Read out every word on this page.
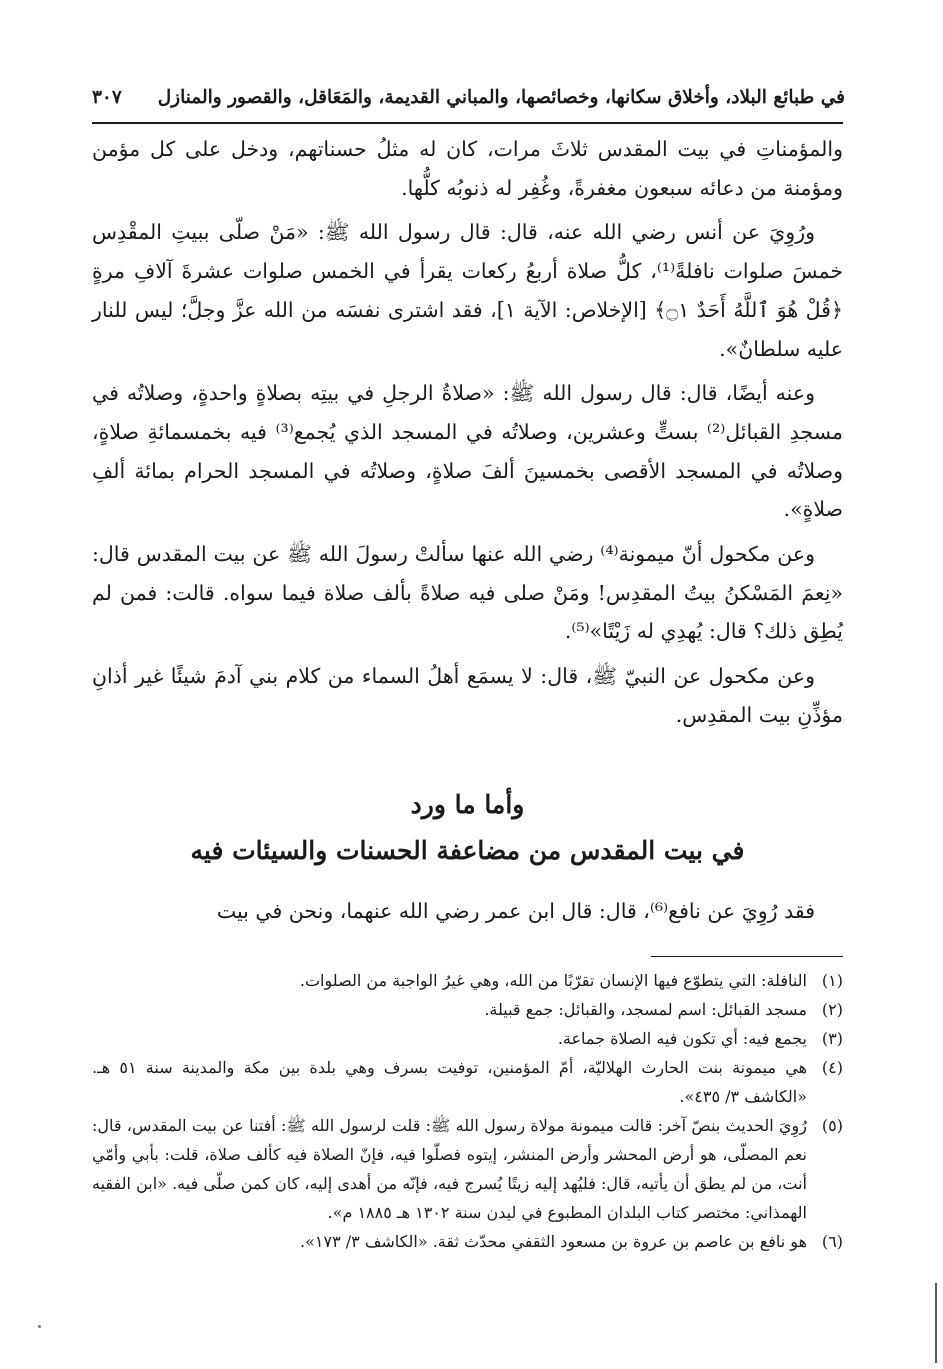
في طبائع البلاد، وأخلاق سكانها، وخصائصها، والمباني القديمة، والمَعَاقل، والقصور والمنازل
٣٠٧

والمؤمناتِ في بيت المقدس ثلاثَ مرات، كان له مثلُ حسناتهم، ودخل على كل مؤمن ومؤمنة من دعائه سبعون مغفرةً، وغُفِر له ذنوبُه كلُّها.

ورُوِيَ عن أنس رضي الله عنه، قال: قال رسول الله ﷺ: «مَنْ صلّى ببيتِ المقْدِس خمسَ صلوات نافلةً⁽¹⁾، كلُّ صلاة أربعُ ركعات يقرأ في الخمس صلوات عشرةَ آلافِ مرةٍ ﴿قُلْ هُوَ ٱللَّهُ أَحَدٌ ۝١﴾ [الإخلاص: الآية ١]، فقد اشترى نفسَه من الله عزَّ وجلَّ؛ ليس للنار عليه سلطانٌ».

وعنه أيضًا، قال: قال رسول الله ﷺ: «صلاةُ الرجلِ في بيتِه بصلاةٍ واحدةٍ، وصلاتُه في مسجدِ القبائل⁽²⁾ بستٍّ وعشرين، وصلاتُه في المسجد الذي يُجمع⁽³⁾ فيه بخمسمائةِ صلاةٍ، وصلاتُه في المسجد الأقصى بخمسينَ ألفَ صلاةٍ، وصلاتُه في المسجد الحرام بمائة ألفِ صلاةٍ».

وعن مكحول أنّ ميمونة⁽⁴⁾ رضي الله عنها سألتْ رسولَ الله ﷺ عن بيت المقدس قال: «نِعمَ المَسْكنُ بيتُ المقدِس! ومَنْ صلى فيه صلاةً بألف صلاة فيما سواه. قالت: فمن لم يُطِق ذلك؟ قال: يُهدِي له زَيْتًا»⁽⁵⁾.

وعن مكحول عن النبيّ ﷺ، قال: لا يسمَع أهلُ السماء من كلام بني آدمَ شيئًا غير أذانِ مؤذِّنِ بيت المقدِس.

وأما ما ورد
في بيت المقدس من مضاعفة الحسنات والسيئات فيه
فقد رُوِيَ عن نافع⁽⁶⁾، قال: قال ابن عمر رضي الله عنهما، ونحن في بيت
(١)
النافلة: التي يتطوّع فيها الإنسان تقرّبًا من الله، وهي غيرُ الواجبة من الصلوات.
(٢)
مسجد القبائل: اسم لمسجد، والقبائل: جمع قبيلة.
(٣)
يجمع فيه: أي تكون فيه الصلاة جماعة.
(٤)
هي ميمونة بنت الحارث الهلاليّة، أمّ المؤمنين، توفيت بسرف وهي بلدة بين مكة والمدينة سنة ٥١ هـ. «الكاشف ٣/ ٤٣٥».
(٥)
رُوِيَ الحديث بنصّ آخر: قالت ميمونة مولاة رسول الله ﷺ: قلت لرسول الله ﷺ: أفتنا عن بيت المقدس، قال: نعم المصلّى، هو أرض المحشر وأرض المنشر، إيتوه فصلّوا فيه، فإنّ الصلاة فيه كألف صلاة، قلت: بأبي وأمّي أنت، من لم يطق أن يأتيه، قال: فليُهد إليه زيتًا يُسرج فيه، فإنّه من أهدى إليه، كان كمن صلّى فيه. «ابن الفقيه الهمذاني: مختصر كتاب البلدان المطبوع في ليدن سنة ١٣٠٢ هـ ١٨٨٥ م».
(٦)
هو نافع بن عاصم بن عروة بن مسعود الثقفي محدّث ثقة. «الكاشف ٣/ ١٧٣».
